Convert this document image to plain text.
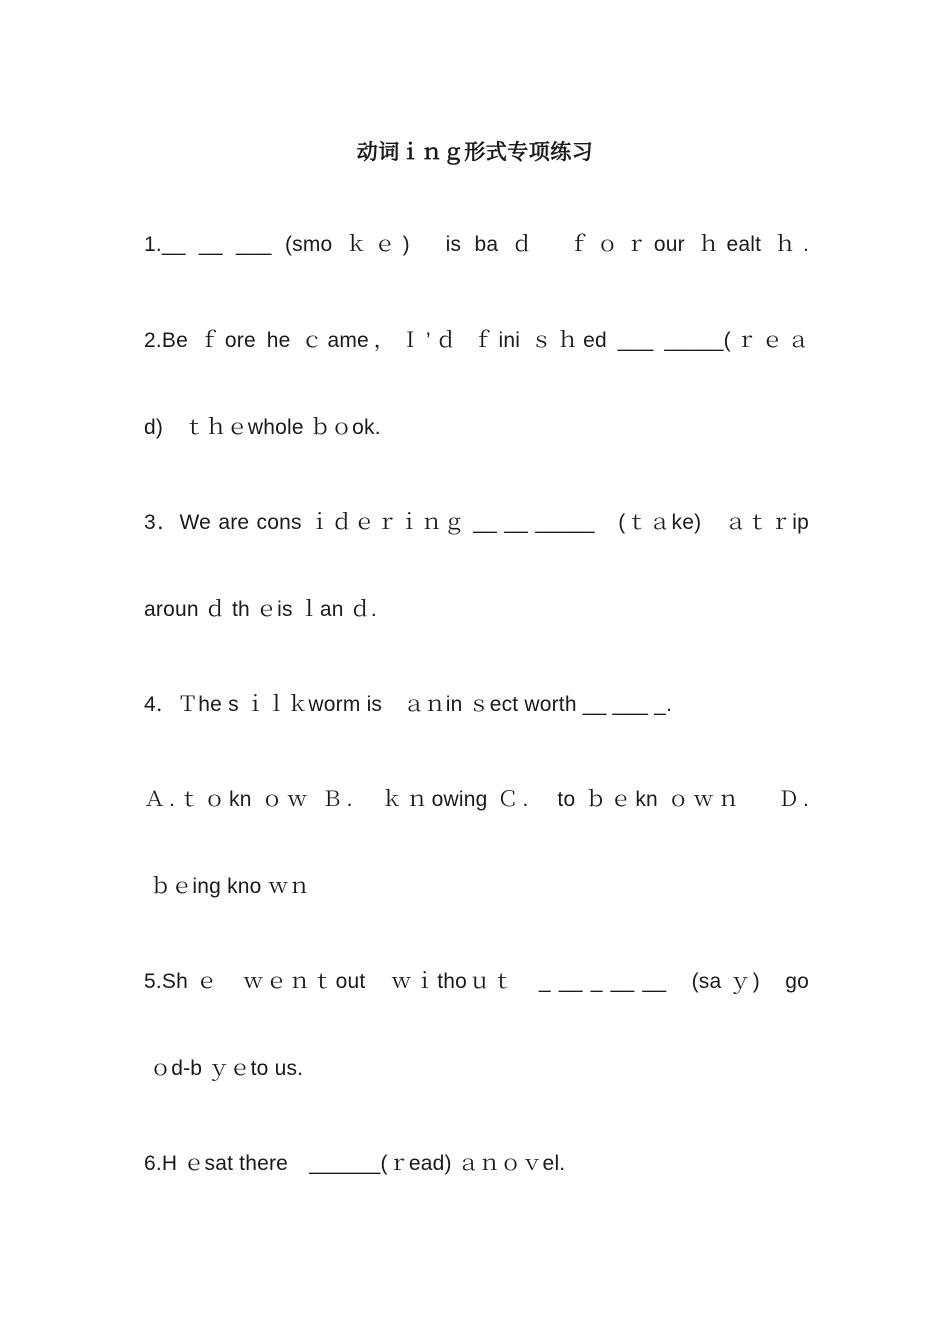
动词ｉｎｇ形式专项练习
1.__ __ ___ (smo ｋｅ)　is ba ｄ　ｆｏｒour ｈealt ｈ.
2.Be ｆore he ｃame，Ｉ’ｄ ｆini ｓｈed ___ _____(ｒｅａ
d)　ｔｈｅwhole ｂｏok.
3．We are cons ｉｄｅｒｉｎｇ __ __ _____　(ｔａke)　ａｔｒip
aroun ｄ th ｅis ｌan ｄ.
4．Ｔhe s ｉｌｋworm is　ａｎin ｓect worth __ ___ _.
Ａ.ｔｏkn ｏｗ Ｂ.　ｋｎowing Ｃ.　to ｂｅkn ｏｗｎ　 Ｄ.
ｂｅing kno ｗｎ
5.Sh ｅ　ｗｅｎｔout　ｗｉthoｕｔ　_ __ _ __ __　(sa ｙ)　go
ｏd-b ｙｅto us.
6.H ｅsat there　______(ｒead) ａｎｏｖel.
